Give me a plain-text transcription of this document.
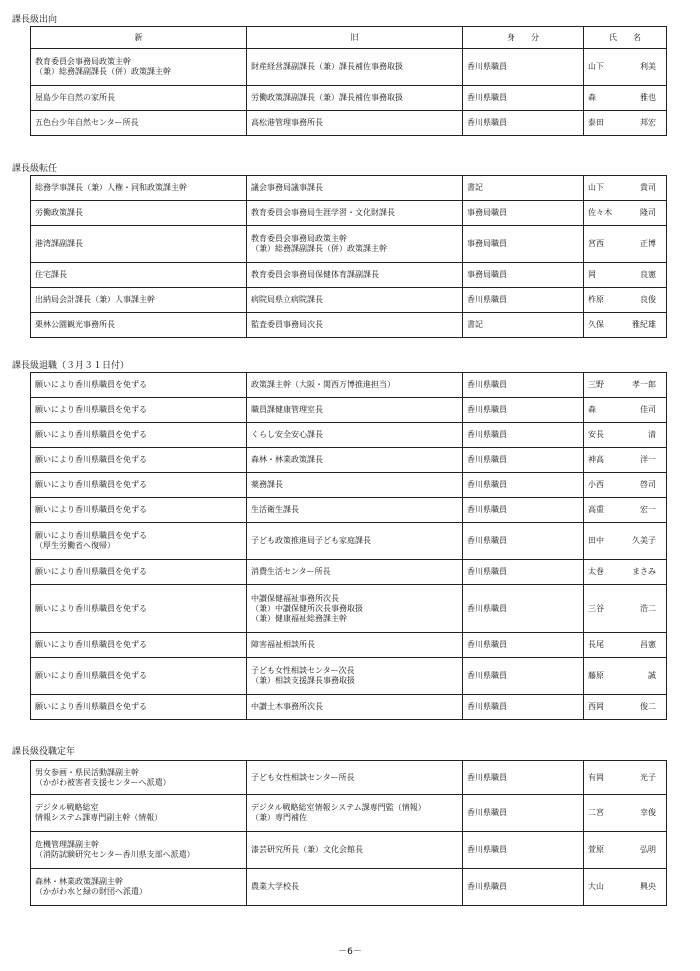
課長級出向
新	旧	身　　分	氏　　名
教育委員会事務局政策主幹
（兼）総務課副課長（併）政策課主幹	財産経営課副課長（兼）課長補佐事務取扱	香川県職員	山下 利美

屋島少年自然の家所長	労働政策課副課長（兼）課長補佐事務取扱	香川県職員	森 雅也

五色台少年自然センター所長	高松港管理事務所長	香川県職員	泰田 邦宏
課長級転任
総務学事課長（兼）人権・同和政策課主幹	議会事務局議事課長	書記	山下 貴司

労働政策課長	教育委員会事務局生涯学習・文化財課長	事務局職員	佐々木 隆司

港湾課副課長	教育委員会事務局政策主幹
（兼）総務課副課長（併）政策課主幹	事務局職員	宮西 正博

住宅課長	教育委員会事務局保健体育課副課長	事務局職員	岡 良憲

出納局会計課長（兼）人事課主幹	病院局県立病院課長	香川県職員	柞原 良俊

栗林公園観光事務所長	監査委員事務局次長	書記	久保 雅紀雄
課長級退職（３月３１日付）
願いにより香川県職員を免ずる	政策課主幹（大阪・関西万博推進担当）	香川県職員	三野 孝一郎

願いにより香川県職員を免ずる	職員課健康管理室長	香川県職員	森 佳司

願いにより香川県職員を免ずる	くらし安全安心課長	香川県職員	安長 清

願いにより香川県職員を免ずる	森林・林業政策課長	香川県職員	神高 洋一

願いにより香川県職員を免ずる	薬務課長	香川県職員	小西 啓司

願いにより香川県職員を免ずる	生活衛生課長	香川県職員	高重 宏一

願いにより香川県職員を免ずる
（厚生労働省へ復帰）	子ども政策推進局子ども家庭課長	香川県職員	田中 久美子

願いにより香川県職員を免ずる	消費生活センター所長	香川県職員	太巻 まさみ

願いにより香川県職員を免ずる	中讃保健福祉事務所次長
（兼）中讃保健所次長事務取扱
（兼）健康福祉総務課主幹	香川県職員	三谷 浩二

願いにより香川県職員を免ずる	障害福祉相談所長	香川県職員	長尾 昌憲

願いにより香川県職員を免ずる	子ども女性相談センター次長
（兼）相談支援課長事務取扱	香川県職員	藤原 誠

願いにより香川県職員を免ずる	中讃土木事務所次長	香川県職員	西岡 俊二
課長級役職定年
男女参画・県民活動課副主幹
（かがわ被害者支援センターへ派遣）	子ども女性相談センター所長	香川県職員	有岡 光子

デジタル戦略総室
情報システム課専門副主幹（情報）	デジタル戦略総室情報システム課専門監（情報）
（兼）専門補佐	香川県職員	二宮 幸俊

危機管理課副主幹
（消防試験研究センター香川県支部へ派遣）	漆芸研究所長（兼）文化会館長	香川県職員	萱原 弘明

森林・林業政策課副主幹
（かがわ水と緑の財団へ派遣）	農業大学校長	香川県職員	大山 興央
－6－
